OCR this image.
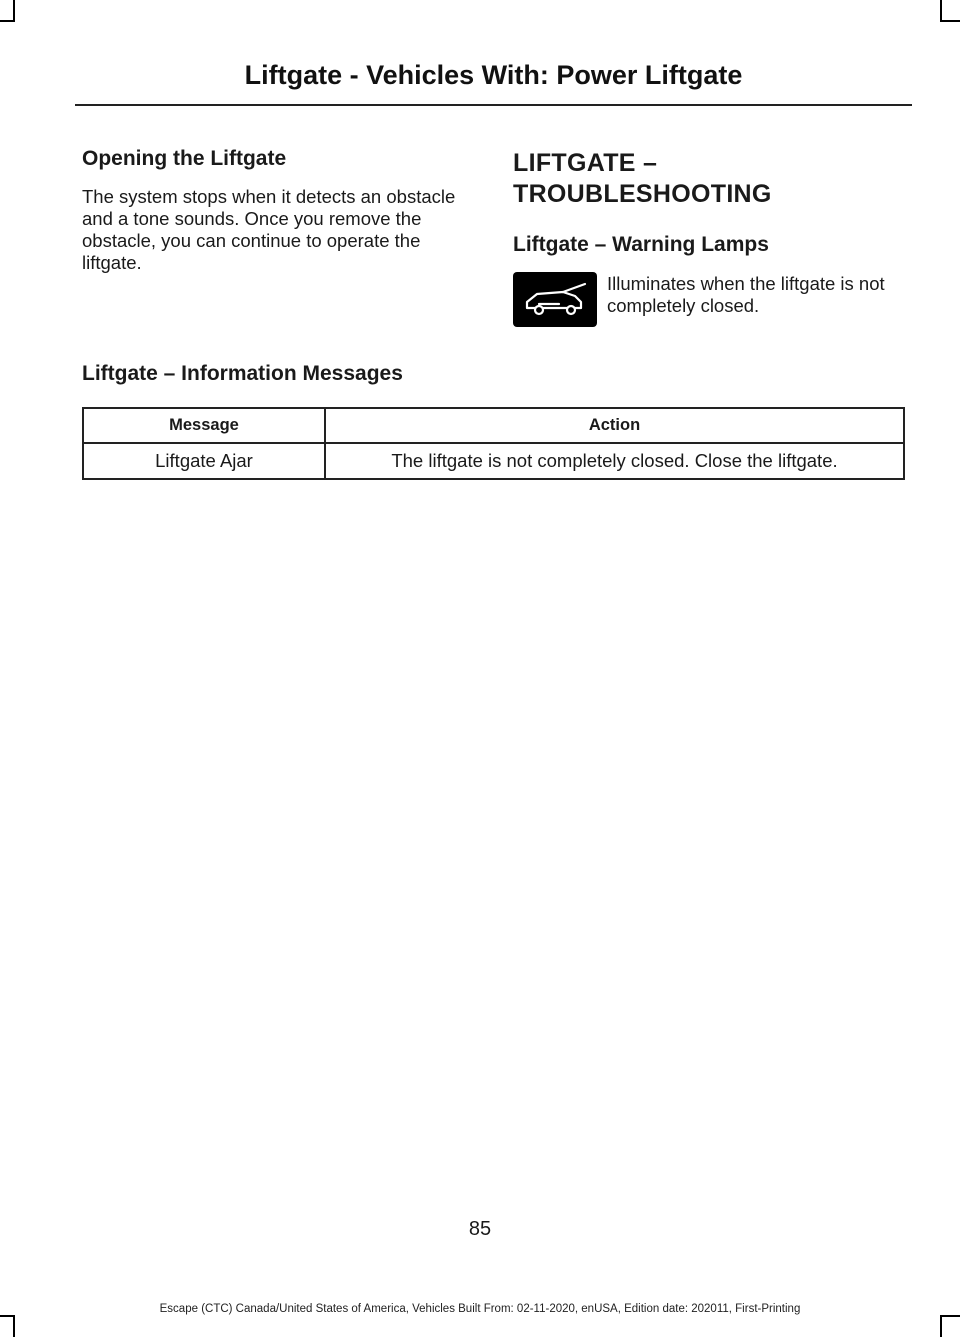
Liftgate - Vehicles With: Power Liftgate
Opening the Liftgate

The system stops when it detects an obstacle and a tone sounds. Once you remove the obstacle, you can continue to operate the liftgate.

LIFTGATE – TROUBLESHOOTING
Liftgate – Warning Lamps
Illuminates when the liftgate is not completely closed.
Liftgate – Information Messages
Message	Action
Liftgate Ajar	The liftgate is not completely closed. Close the liftgate.
85
Escape (CTC) Canada/United States of America, Vehicles Built From: 02-11-2020, enUSA, Edition date: 202011, First-Printing
